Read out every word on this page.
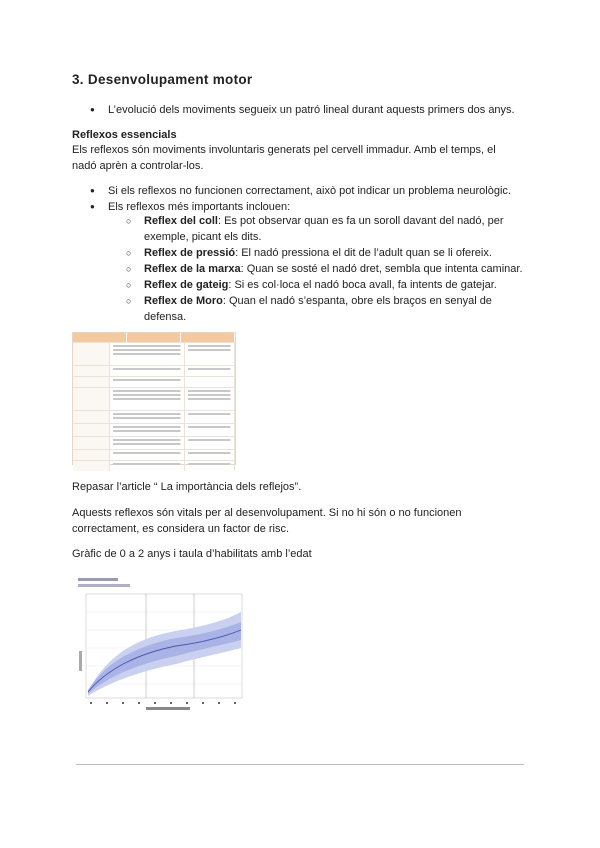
3. Desenvolupament motor
● L’evolució dels moviments segueix un patró lineal durant aquests primers dos anys.
Reflexos essencials
Els reflexos són moviments involuntaris generats pel cervell immadur. Amb el temps, el nadó aprèn a controlar-los.
● Si els reflexos no funcionen correctament, això pot indicar un problema neurològic.
● Els reflexos més importants inclouen:
○ Reflex del coll: Es pot observar quan es fa un soroll davant del nadó, per exemple, picant els dits.
○ Reflex de pressió: El nadó pressiona el dit de l’adult quan se li ofereix.
○ Reflex de la marxa: Quan se sosté el nadó dret, sembla que intenta caminar.
○ Reflex de gateig: Si es col·loca el nadó boca avall, fa intents de gatejar.
○ Reflex de Moro: Quan el nadó s’espanta, obre els braços en senyal de defensa.
Repasar l’article “ La importància dels reflejos”.
Aquests reflexos són vitals per al desenvolupament. Si no hi són o no funcionen correctament, es considera un factor de risc.
Gràfic de 0 a 2 anys i taula d’habilitats amb l’edat
